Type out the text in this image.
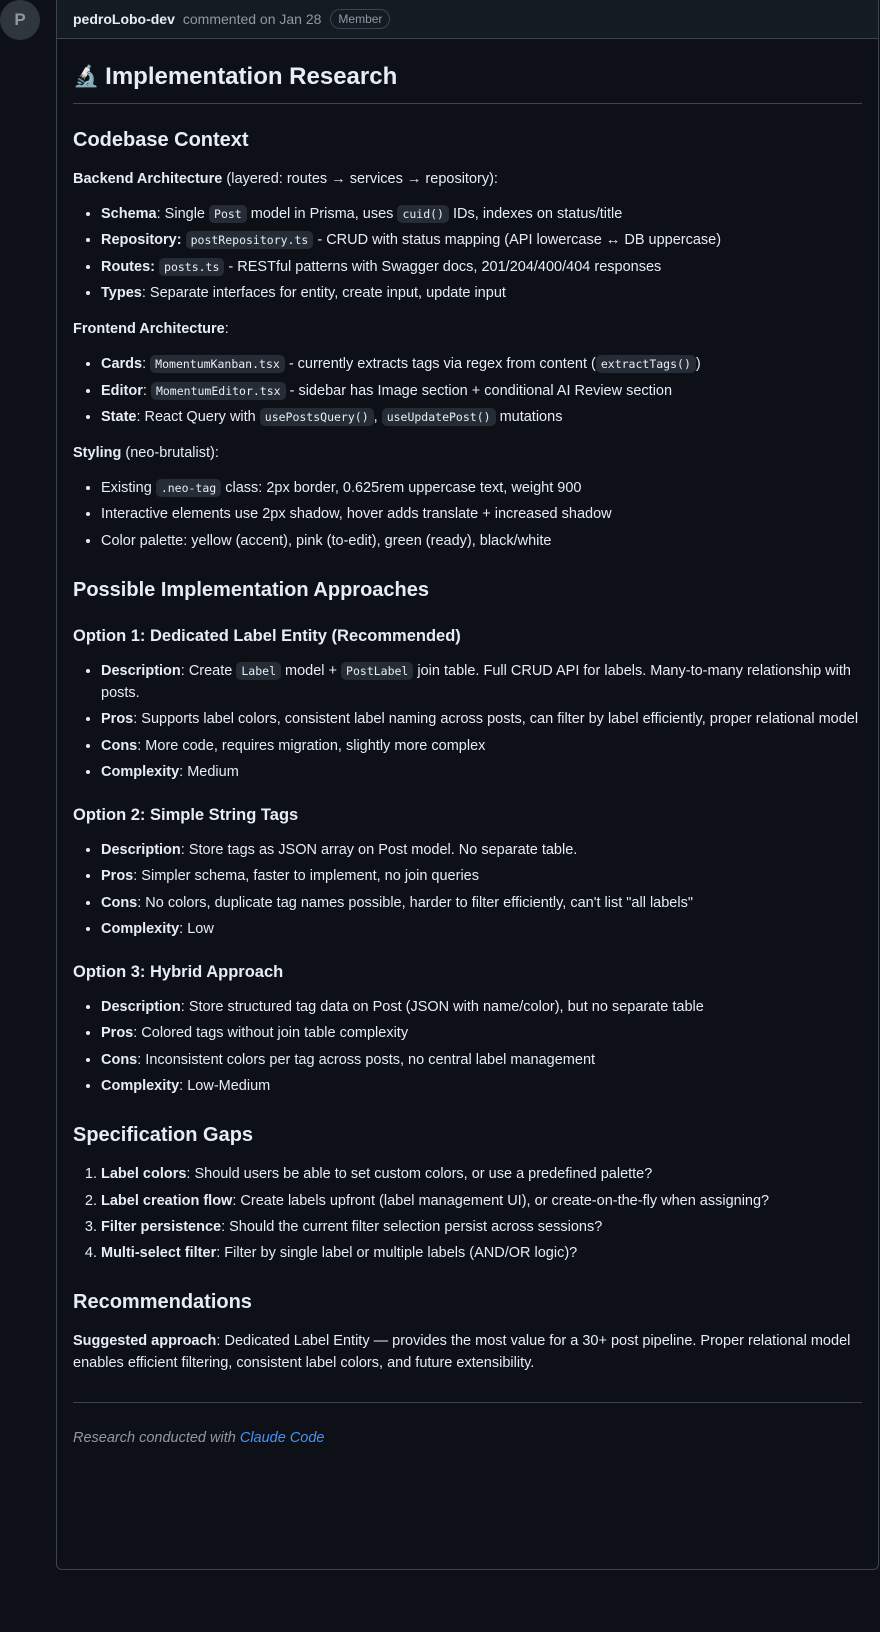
P	pedroLobo-dev commented on Jan 28	Member
🔬 Implementation Research
Codebase Context

Backend Architecture (layered: routes → services → repository):

• Schema: Single Post model in Prisma, uses cuid() IDs, indexes on status/title
• Repository: postRepository.ts - CRUD with status mapping (API lowercase ↔ DB uppercase)
• Routes: posts.ts - RESTful patterns with Swagger docs, 201/204/400/404 responses
• Types: Separate interfaces for entity, create input, update input

Frontend Architecture:

• Cards: MomentumKanban.tsx - currently extracts tags via regex from content ( extractTags() )
• Editor: MomentumEditor.tsx - sidebar has Image section + conditional AI Review section
• State: React Query with usePostsQuery() , useUpdatePost() mutations

Styling (neo-brutalist):

• Existing .neo-tag class: 2px border, 0.625rem uppercase text, weight 900
• Interactive elements use 2px shadow, hover adds translate + increased shadow
• Color palette: yellow (accent), pink (to-edit), green (ready), black/white
Possible Implementation Approaches
Option 1: Dedicated Label Entity (Recommended)
• Description: Create Label model + PostLabel join table. Full CRUD API for labels. Many-to-many relationship with posts.
• Pros: Supports label colors, consistent label naming across posts, can filter by label efficiently, proper relational model
• Cons: More code, requires migration, slightly more complex
• Complexity: Medium
Option 2: Simple String Tags
• Description: Store tags as JSON array on Post model. No separate table.
• Pros: Simpler schema, faster to implement, no join queries
• Cons: No colors, duplicate tag names possible, harder to filter efficiently, can't list "all labels"
• Complexity: Low
Option 3: Hybrid Approach
• Description: Store structured tag data on Post (JSON with name/color), but no separate table
• Pros: Colored tags without join table complexity
• Cons: Inconsistent colors per tag across posts, no central label management
• Complexity: Low-Medium
Specification Gaps
1. Label colors: Should users be able to set custom colors, or use a predefined palette?
2. Label creation flow: Create labels upfront (label management UI), or create-on-the-fly when assigning?
3. Filter persistence: Should the current filter selection persist across sessions?
4. Multi-select filter: Filter by single label or multiple labels (AND/OR logic)?
Recommendations

Suggested approach: Dedicated Label Entity — provides the most value for a 30+ post pipeline. Proper relational model enables efficient filtering, consistent label colors, and future extensibility.

Research conducted with Claude Code
